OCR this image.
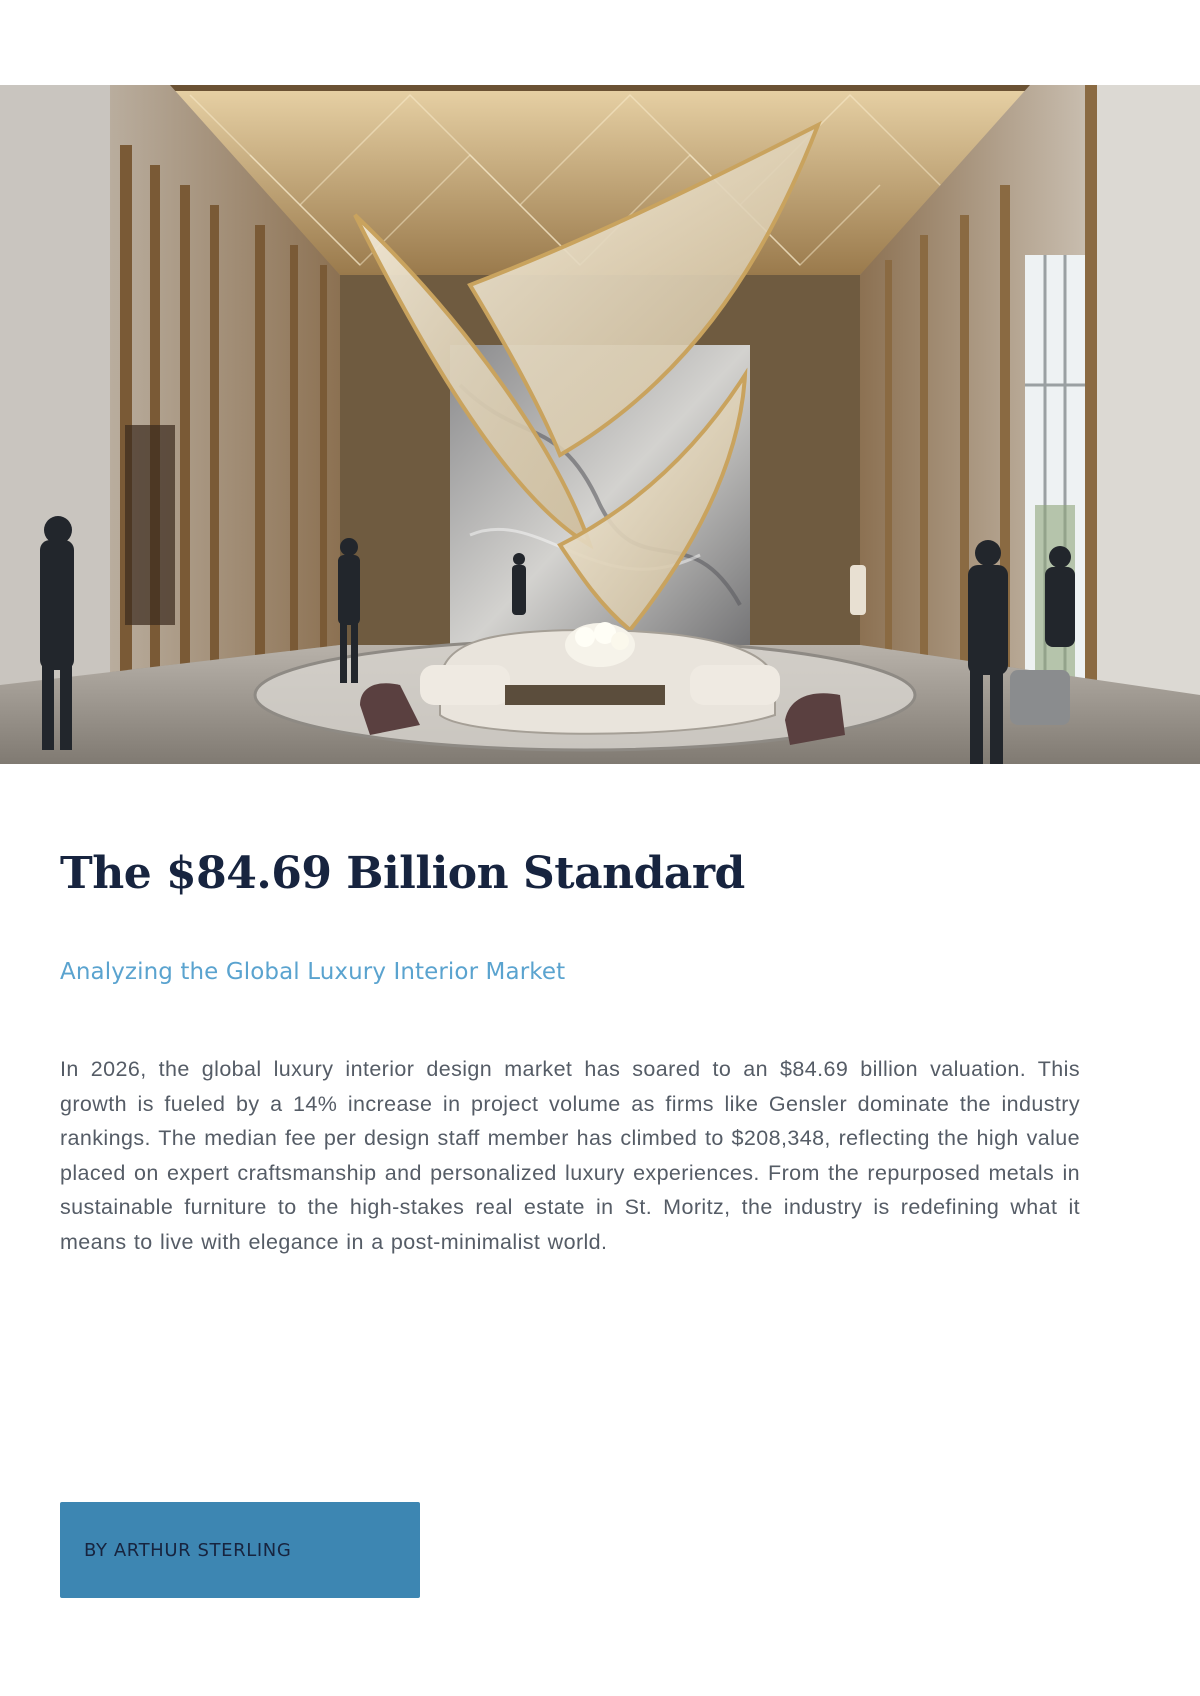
The $84.69 Billion Standard
Analyzing the Global Luxury Interior Market

In 2026, the global luxury interior design market has soared to an $84.69 billion valuation. This growth is fueled by a 14% increase in project volume as firms like Gensler dominate the industry rankings. The median fee per design staff member has climbed to $208,348, reflecting the high value placed on expert craftsmanship and personalized luxury experiences. From the repurposed metals in sustainable furniture to the high-stakes real estate in St. Moritz, the industry is redefining what it means to live with elegance in a post-minimalist world.

BY ARTHUR STERLING
